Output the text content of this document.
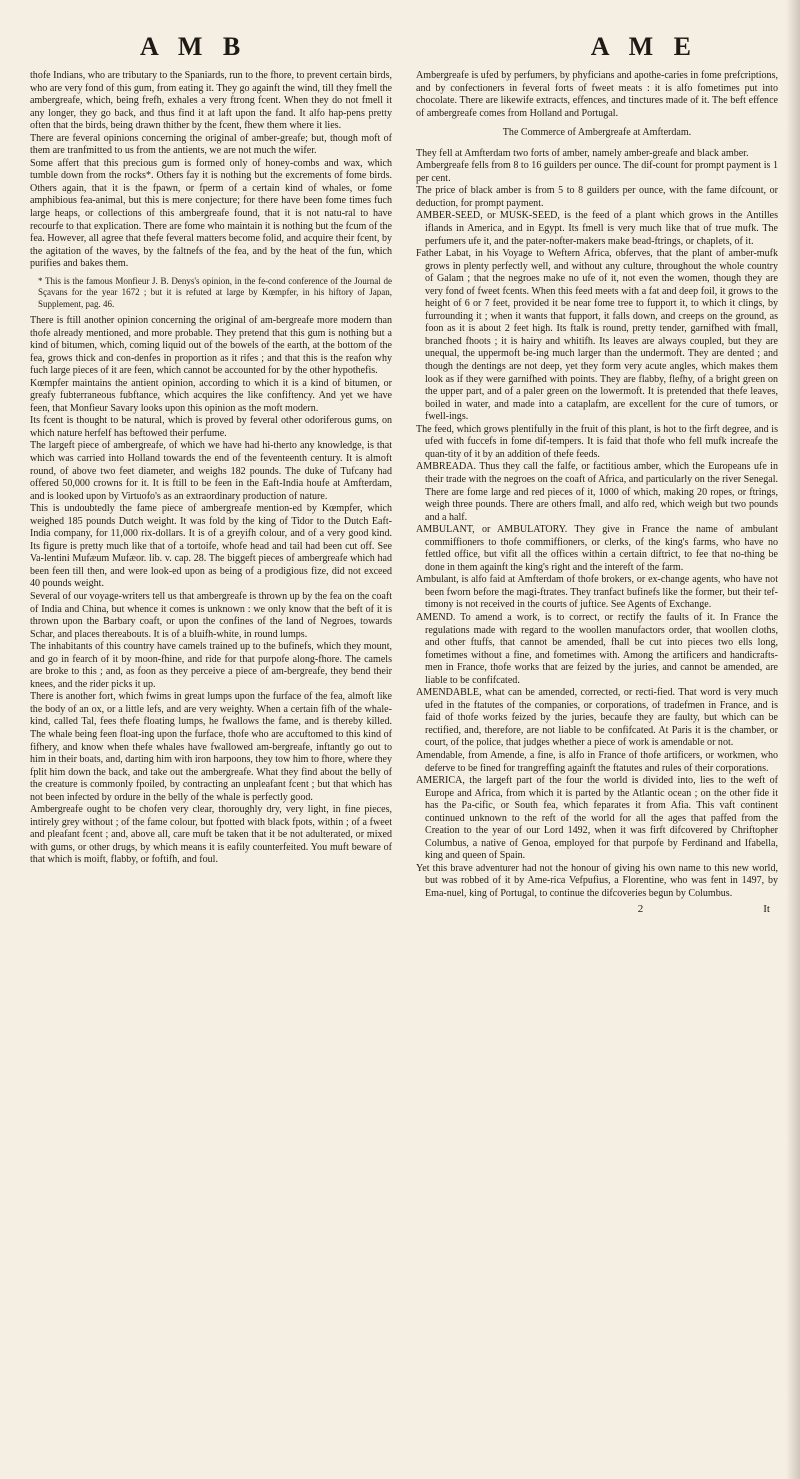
A M B	A M E

thofe Indians, who are tributary to the Spaniards, run to the fhore, to prevent certain birds, who are very fond of this gum, from eating it. They go againft the wind, till they fmell the ambergreafe, which, being frefh, exhales a very ftrong fcent. When they do not fmell it any longer, they go back, and thus find it at laft upon the fand. It alfo hap-pens pretty often that the birds, being drawn thither by the fcent, fhew them where it lies.

There are feveral opinions concerning the original of amber-greafe; but, though moft of them are tranfmitted to us from the antients, we are not much the wifer.

Some affert that this precious gum is formed only of honey-combs and wax, which tumble down from the rocks*. Others fay it is nothing but the excrements of fome birds. Others again, that it is the fpawn, or fperm of a certain kind of whales, or fome amphibious fea-animal, but this is mere conjecture; for there have been fome times fuch large heaps, or collections of this ambergreafe found, that it is not natu-ral to have recourfe to that explication. There are fome who maintain it is nothing but the fcum of the fea. However, all agree that thefe feveral matters become folid, and acquire their fcent, by the agitation of the waves, by the faltnefs of the fea, and by the heat of the fun, which purifies and bakes them.

* This is the famous Monfieur J. B. Denys's opinion, in the fe-cond conference of the Journal de Sçavans for the year 1672 ; but it is refuted at large by Kœmpfer, in his hiftory of Japan, Supplement, pag. 46.

There is ftill another opinion concerning the original of am-bergreafe more modern than thofe already mentioned, and more probable. They pretend that this gum is nothing but a kind of bitumen, which, coming liquid out of the bowels of the earth, at the bottom of the fea, grows thick and con-denfes in proportion as it rifes ; and that this is the reafon why fuch large pieces of it are feen, which cannot be accounted for by the other hypothefis.

Kœmpfer maintains the antient opinion, according to which it is a kind of bitumen, or greafy fubterraneous fubftance, which acquires the like confiftency. And yet we have feen, that Monfieur Savary looks upon this opinion as the moft modern.

Its fcent is thought to be natural, which is proved by feveral other odoriferous gums, on which nature herfelf has beftowed their perfume.

The largeft piece of ambergreafe, of which we have had hi-therto any knowledge, is that which was carried into Holland towards the end of the feventeenth century. It is almoft round, of above two feet diameter, and weighs 182 pounds. The duke of Tufcany had offered 50,000 crowns for it. It is ftill to be feen in the Eaft-India houfe at Amfterdam, and is looked upon by Virtuofo's as an extraordinary production of nature.

This is undoubtedly the fame piece of ambergreafe mention-ed by Kœmpfer, which weighed 185 pounds Dutch weight. It was fold by the king of Tidor to the Dutch Eaft-India company, for 11,000 rix-dollars. It is of a greyifh colour, and of a very good kind. Its figure is pretty much like that of a tortoife, whofe head and tail had been cut off. See Va-lentini Mufæum Mufæor. lib. v. cap. 28. The biggeft pieces of ambergreafe which had been feen till then, and were look-ed upon as being of a prodigious fize, did not exceed 40 pounds weight.

Several of our voyage-writers tell us that ambergreafe is thrown up by the fea on the coaft of India and China, but whence it comes is unknown : we only know that the beft of it is thrown upon the Barbary coaft, or upon the confines of the land of Negroes, towards Schar, and places thereabouts. It is of a bluifh-white, in round lumps.

The inhabitants of this country have camels trained up to the bufinefs, which they mount, and go in fearch of it by moon-fhine, and ride for that purpofe along-fhore. The camels are broke to this ; and, as foon as they perceive a piece of am-bergreafe, they bend their knees, and the rider picks it up.

There is another fort, which fwims in great lumps upon the furface of the fea, almoft like the body of an ox, or a little lefs, and are very weighty. When a certain fifh of the whale-kind, called Tal, fees thefe floating lumps, he fwallows the fame, and is thereby killed. The whale being feen float-ing upon the furface, thofe who are accuftomed to this kind of fifhery, and know when thefe whales have fwallowed am-bergreafe, inftantly go out to him in their boats, and, darting him with iron harpoons, they tow him to fhore, where they fplit him down the back, and take out the ambergreafe. What they find about the belly of the creature is commonly fpoiled, by contracting an unpleafant fcent ; but that which has not been infected by ordure in the belly of the whale is perfectly good.

Ambergreafe ought to be chofen very clear, thoroughly dry, very light, in fine pieces, intirely grey without ; of the fame colour, but fpotted with black fpots, within ; of a fweet and pleafant fcent ; and, above all, care muft be taken that it be not adulterated, or mixed with gums, or other drugs, by which means it is eafily counterfeited. You muft beware of that which is moift, flabby, or foftifh, and foul.

Ambergreafe is ufed by perfumers, by phyficians and apothe-caries in fome prefcriptions, and by confectioners in feveral forts of fweet meats : it is alfo fometimes put into chocolate. There are likewife extracts, effences, and tinctures made of it. The beft effence of ambergreafe comes from Holland and Portugal.

The Commerce of Ambergreafe at Amfterdam.

They fell at Amfterdam two forts of amber, namely amber-greafe and black amber.

Ambergreafe fells from 8 to 16 guilders per ounce. The dif-count for prompt payment is 1 per cent.

The price of black amber is from 5 to 8 guilders per ounce, with the fame difcount, or deduction, for prompt payment.

AMBER-SEED, or MUSK-SEED, is the feed of a plant which grows in the Antilles iflands in America, and in Egypt. Its fmell is very much like that of true mufk. The perfumers ufe it, and the pater-nofter-makers make bead-ftrings, or chaplets, of it.

Father Labat, in his Voyage to Weftern Africa, obferves, that the plant of amber-mufk grows in plenty perfectly well, and without any culture, throughout the whole country of Galam ; that the negroes make no ufe of it, not even the women, though they are very fond of fweet fcents. When this feed meets with a fat and deep foil, it grows to the height of 6 or 7 feet, provided it be near fome tree to fupport it, to which it clings, by furrounding it ; when it wants that fupport, it falls down, and creeps on the ground, as foon as it is about 2 feet high. Its ftalk is round, pretty tender, garnifhed with fmall, branched fhoots ; it is hairy and whitifh. Its leaves are always coupled, but they are unequal, the uppermoft be-ing much larger than the undermoft. They are dented ; and though the dentings are not deep, yet they form very acute angles, which makes them look as if they were garnifhed with points. They are flabby, flefhy, of a bright green on the upper part, and of a paler green on the lowermoft. It is pretended that thefe leaves, boiled in water, and made into a cataplafm, are excellent for the cure of tumors, or fwell-ings.

The feed, which grows plentifully in the fruit of this plant, is hot to the firft degree, and is ufed with fuccefs in fome dif-tempers. It is faid that thofe who fell mufk increafe the quan-tity of it by an addition of thefe feeds.

AMBREADA. Thus they call the falfe, or factitious amber, which the Europeans ufe in their trade with the negroes on the coaft of Africa, and particularly on the river Senegal. There are fome large and red pieces of it, 1000 of which, making 20 ropes, or ftrings, weigh three pounds. There are others fmall, and alfo red, which weigh but two pounds and a half.

AMBULANT, or AMBULATORY. They give in France the name of ambulant commiffioners to thofe commiffioners, or clerks, of the king's farms, who have no fettled office, but vifit all the offices within a certain diftrict, to fee that no-thing be done in them againft the king's right and the intereft of the farm.

Ambulant, is alfo faid at Amfterdam of thofe brokers, or ex-change agents, who have not been fworn before the magi-ftrates. They tranfact bufinefs like the former, but their tef-timony is not received in the courts of juftice. See Agents of Exchange.

AMEND. To amend a work, is to correct, or rectify the faults of it. In France the regulations made with regard to the woollen manufactors order, that woollen cloths, and other ftuffs, that cannot be amended, fhall be cut into pieces two ells long, fometimes without a fine, and fometimes with. Among the artificers and handicrafts-men in France, thofe works that are feized by the juries, and cannot be amended, are liable to be confifcated.

AMENDABLE, what can be amended, corrected, or recti-fied. That word is very much ufed in the ftatutes of the companies, or corporations, of tradefmen in France, and is faid of thofe works feized by the juries, becaufe they are faulty, but which can be rectified, and, therefore, are not liable to be confifcated. At Paris it is the chamber, or court, of the police, that judges whether a piece of work is amendable or not.

Amendable, from Amende, a fine, is alfo in France of thofe artificers, or workmen, who deferve to be fined for trangreffing againft the ftatutes and rules of their corporations.

AMERICA, the largeft part of the four the world is divided into, lies to the weft of Europe and Africa, from which it is parted by the Atlantic ocean ; on the other fide it has the Pa-cific, or South fea, which feparates it from Afia. This vaft continent continued unknown to the reft of the world for all the ages that paffed from the Creation to the year of our Lord 1492, when it was firft difcovered by Chriftopher Columbus, a native of Genoa, employed for that purpofe by Ferdinand and Ifabella, king and queen of Spain.

Yet this brave adventurer had not the honour of giving his own name to this new world, but was robbed of it by Ame-rica Vefpufius, a Florentine, who was fent in 1497, by Ema-nuel, king of Portugal, to continue the difcoveries begun by Columbus.

2	It
